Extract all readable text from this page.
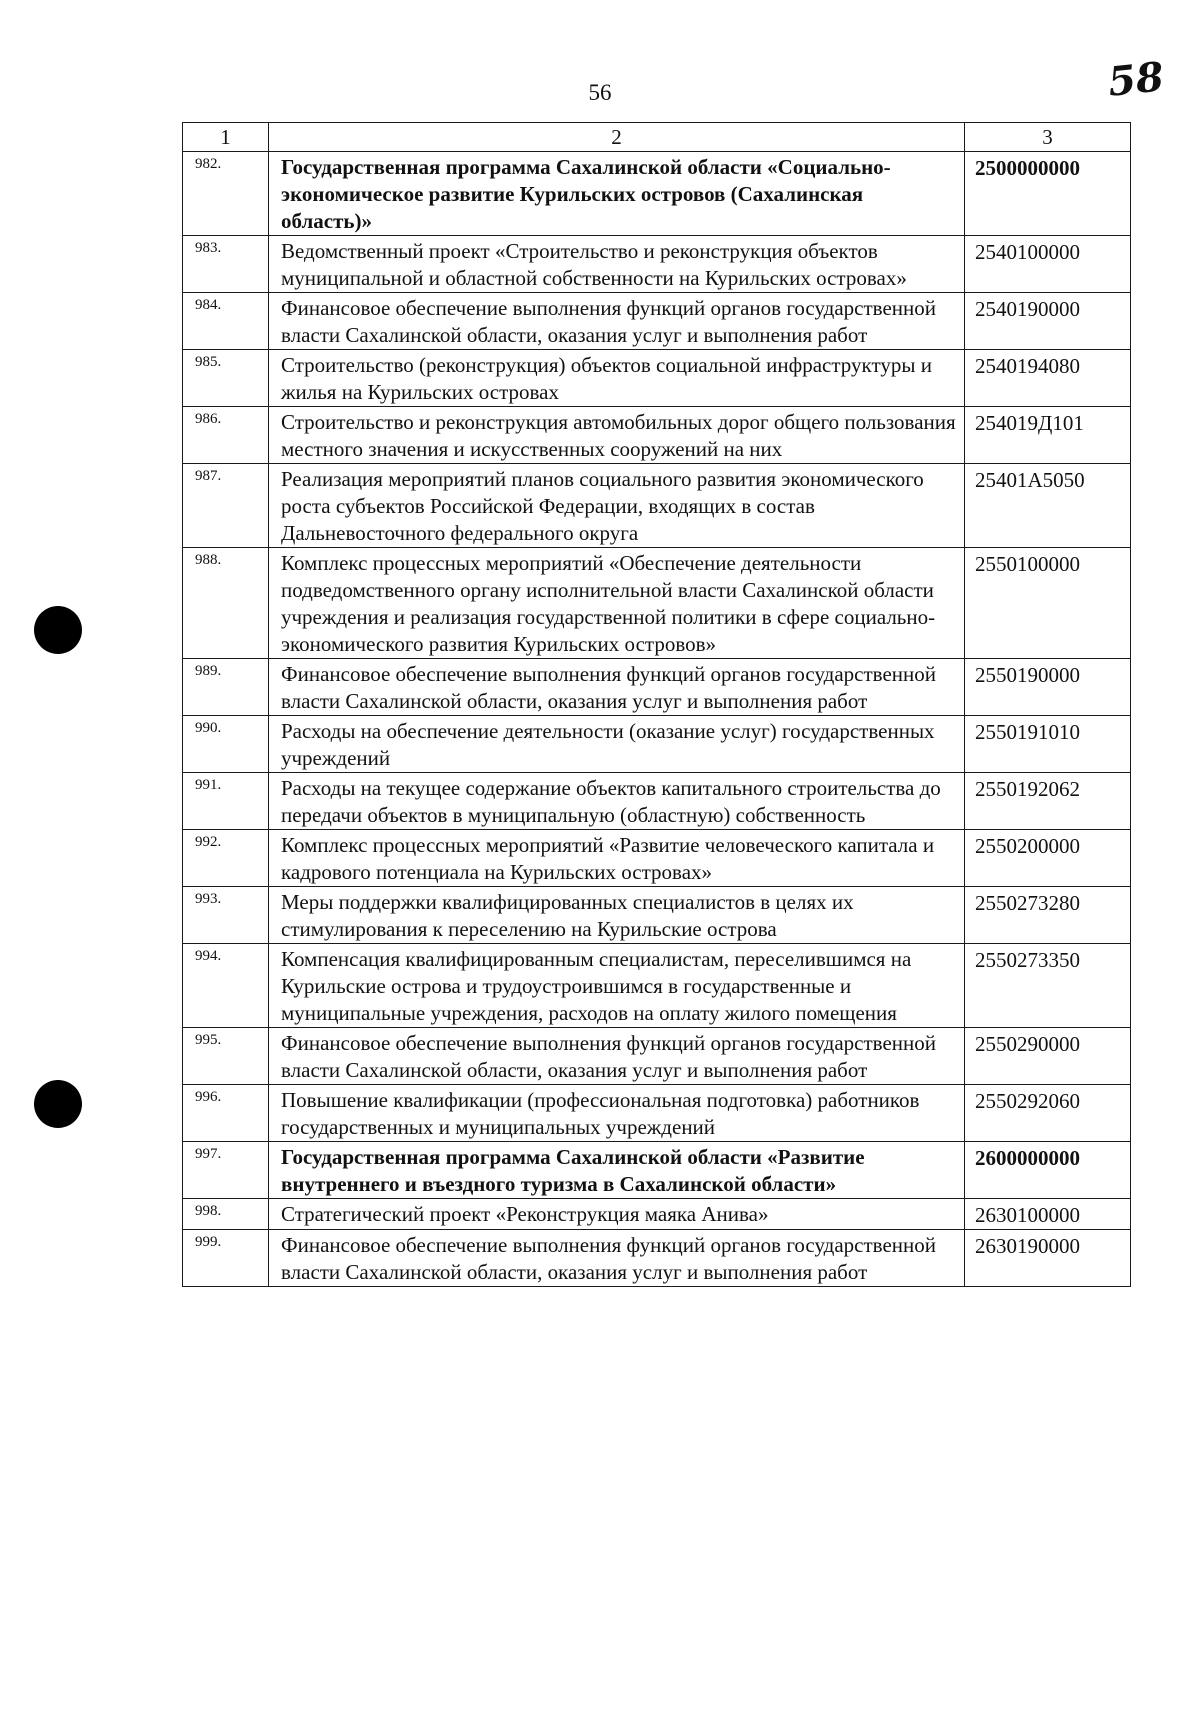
56	58
1	2	3
982.	Государственная программа Сахалинской области «Социально-экономическое развитие Курильских островов (Сахалинская область)»	2500000000
983.	Ведомственный проект «Строительство и реконструкция объектов муниципальной и областной собственности на Курильских островах»	2540100000
984.	Финансовое обеспечение выполнения функций органов государственной власти Сахалинской области, оказания услуг и выполнения работ	2540190000
985.	Строительство (реконструкция) объектов социальной инфраструктуры и жилья на Курильских островах	2540194080
986.	Строительство и реконструкция автомобильных дорог общего пользования местного значения и искусственных сооружений на них	254019Д101
987.	Реализация мероприятий планов социального развития экономического роста субъектов Российской Федерации, входящих в состав Дальневосточного федерального округа	25401А5050
988.	Комплекс процессных мероприятий «Обеспечение деятельности подведомственного органу исполнительной власти Сахалинской области учреждения и реализация государственной политики в сфере социально-экономического развития Курильских островов»	2550100000
989.	Финансовое обеспечение выполнения функций органов государственной власти Сахалинской области, оказания услуг и выполнения работ	2550190000
990.	Расходы на обеспечение деятельности (оказание услуг) государственных учреждений	2550191010
991.	Расходы на текущее содержание объектов капитального строительства до передачи объектов в муниципальную (областную) собственность	2550192062
992.	Комплекс процессных мероприятий «Развитие человеческого капитала и кадрового потенциала на Курильских островах»	2550200000
993.	Меры поддержки квалифицированных специалистов в целях их стимулирования к переселению на Курильские острова	2550273280
994.	Компенсация квалифицированным специалистам, переселившимся на Курильские острова и трудоустроившимся в государственные и муниципальные учреждения, расходов на оплату жилого помещения	2550273350
995.	Финансовое обеспечение выполнения функций органов государственной власти Сахалинской области, оказания услуг и выполнения работ	2550290000
996.	Повышение квалификации (профессиональная подготовка) работников государственных и муниципальных учреждений	2550292060
997.	Государственная программа Сахалинской области «Развитие внутреннего и въездного туризма в Сахалинской области»	2600000000
998.	Стратегический проект «Реконструкция маяка Анива»	2630100000
999.	Финансовое обеспечение выполнения функций органов государственной власти Сахалинской области, оказания услуг и выполнения работ	2630190000
